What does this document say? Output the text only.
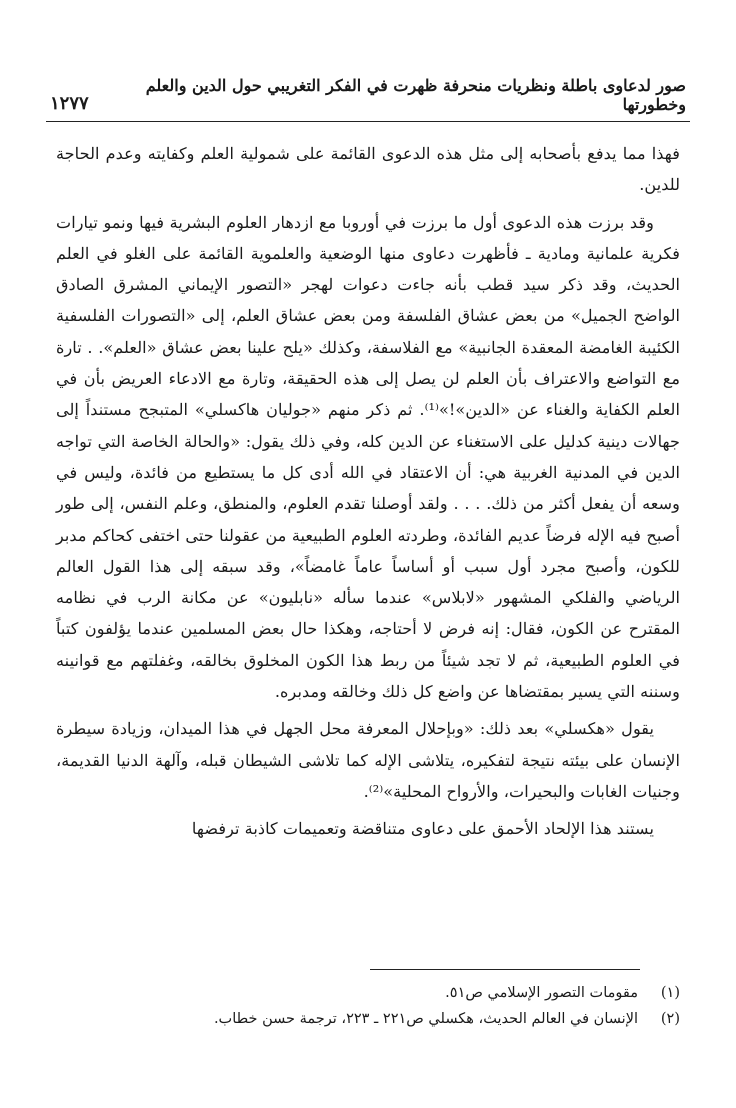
صور لدعاوى باطلة ونظريات منحرفة ظهرت في الفكر التغريبي حول الدين والعلم وخطورتها
١٢٧٧

فهذا مما يدفع بأصحابه إلى مثل هذه الدعوى القائمة على شمولية العلم وكفايته وعدم الحاجة للدين.

وقد برزت هذه الدعوى أول ما برزت في أوروبا مع ازدهار العلوم البشرية فيها ونمو تيارات فكرية علمانية ومادية ـ فأظهرت دعاوى منها الوضعية والعلموية القائمة على الغلو في العلم الحديث، وقد ذكر سيد قطب بأنه جاءت دعوات لهجر «التصور الإيماني المشرق الصادق الواضح الجميل» من بعض عشاق الفلسفة ومن بعض عشاق العلم، إلى «التصورات الفلسفية الكئيبة الغامضة المعقدة الجانبية» مع الفلاسفة، وكذلك «يلح علينا بعض عشاق «العلم». . تارة مع التواضع والاعتراف بأن العلم لن يصل إلى هذه الحقيقة، وتارة مع الادعاء العريض بأن في العلم الكفاية والغناء عن «الدين»!»⁽¹⁾. ثم ذكر منهم «جوليان هاكسلي» المتبجح مستنداً إلى جهالات دينية كدليل على الاستغناء عن الدين كله، وفي ذلك يقول: «والحالة الخاصة التي تواجه الدين في المدنية الغربية هي: أن الاعتقاد في الله أدى كل ما يستطيع من فائدة، وليس في وسعه أن يفعل أكثر من ذلك. . . . ولقد أوصلنا تقدم العلوم، والمنطق، وعلم النفس، إلى طور أصبح فيه الإله فرضاً عديم الفائدة، وطردته العلوم الطبيعية من عقولنا حتى اختفى كحاكم مدبر للكون، وأصبح مجرد أول سبب أو أساساً عاماً غامضاً»، وقد سبقه إلى هذا القول العالم الرياضي والفلكي المشهور «لابلاس» عندما سأله «نابليون» عن مكانة الرب في نظامه المقترح عن الكون، فقال: إنه فرض لا أحتاجه، وهكذا حال بعض المسلمين عندما يؤلفون كتباً في العلوم الطبيعية، ثم لا تجد شيئاً من ربط هذا الكون المخلوق بخالقه، وغفلتهم مع قوانينه وسننه التي يسير بمقتضاها عن واضع كل ذلك وخالقه ومدبره.

يقول «هكسلي» بعد ذلك: «وبإحلال المعرفة محل الجهل في هذا الميدان، وزيادة سيطرة الإنسان على بيئته نتيجة لتفكيره، يتلاشى الإله كما تلاشى الشيطان قبله، وآلهة الدنيا القديمة، وجنيات الغابات والبحيرات، والأرواح المحلية»⁽²⁾.

يستند هذا الإلحاد الأحمق على دعاوى متناقضة وتعميمات كاذبة ترفضها

(١)
مقومات التصور الإسلامي ص٥١.
(٢)
الإنسان في العالم الحديث، هكسلي ص٢٢١ ـ ٢٢٣، ترجمة حسن خطاب.
